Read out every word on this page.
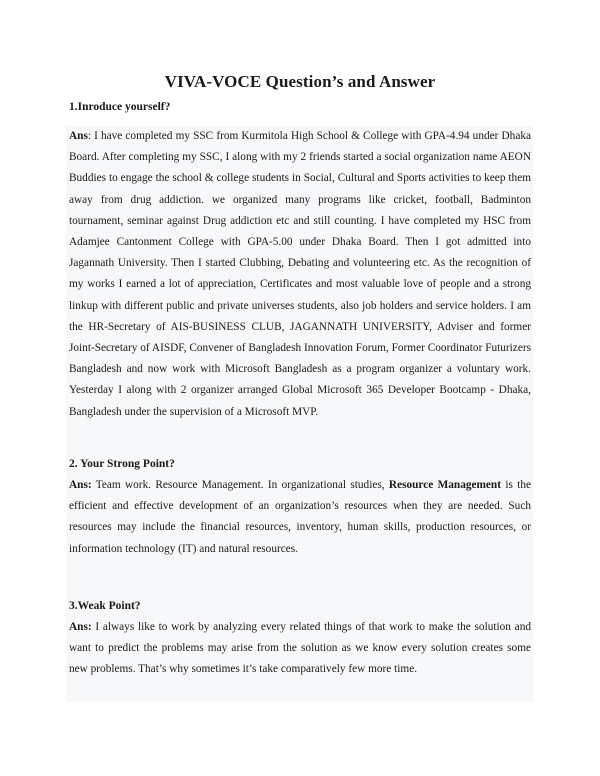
VIVA-VOCE Question’s and Answer
1.Inroduce yourself?

Ans: I have completed my SSC from Kurmitola High School & College with GPA-4.94 under Dhaka Board. After completing my SSC, I along with my 2 friends started a social organization name AEON Buddies to engage the school & college students in Social, Cultural and Sports activities to keep them away from drug addiction. we organized many programs like cricket, football, Badminton tournament, seminar against Drug addiction etc and still counting. I have completed my HSC from Adamjee Cantonment College with GPA-5.00 under Dhaka Board. Then I got admitted into Jagannath University. Then I started Clubbing, Debating and volunteering etc. As the recognition of my works I earned a lot of appreciation, Certificates and most valuable love of people and a strong linkup with different public and private universes students, also job holders and service holders. I am the HR-Secretary of AIS-BUSINESS CLUB, JAGANNATH UNIVERSITY, Adviser and former Joint-Secretary of AISDF, Convener of Bangladesh Innovation Forum, Former Coordinator Futurizers Bangladesh and now work with Microsoft Bangladesh as a program organizer a voluntary work. Yesterday I along with 2 organizer arranged Global Microsoft 365 Developer Bootcamp - Dhaka, Bangladesh under the supervision of a Microsoft MVP.

2. Your Strong Point?

Ans: Team work. Resource Management. In organizational studies, Resource Management is the efficient and effective development of an organization’s resources when they are needed. Such resources may include the financial resources, inventory, human skills, production resources, or information technology (IT) and natural resources.

3.Weak Point?

Ans: I always like to work by analyzing every related things of that work to make the solution and want to predict the problems may arise from the solution as we know every solution creates some new problems. That’s why sometimes it’s take comparatively few more time.
